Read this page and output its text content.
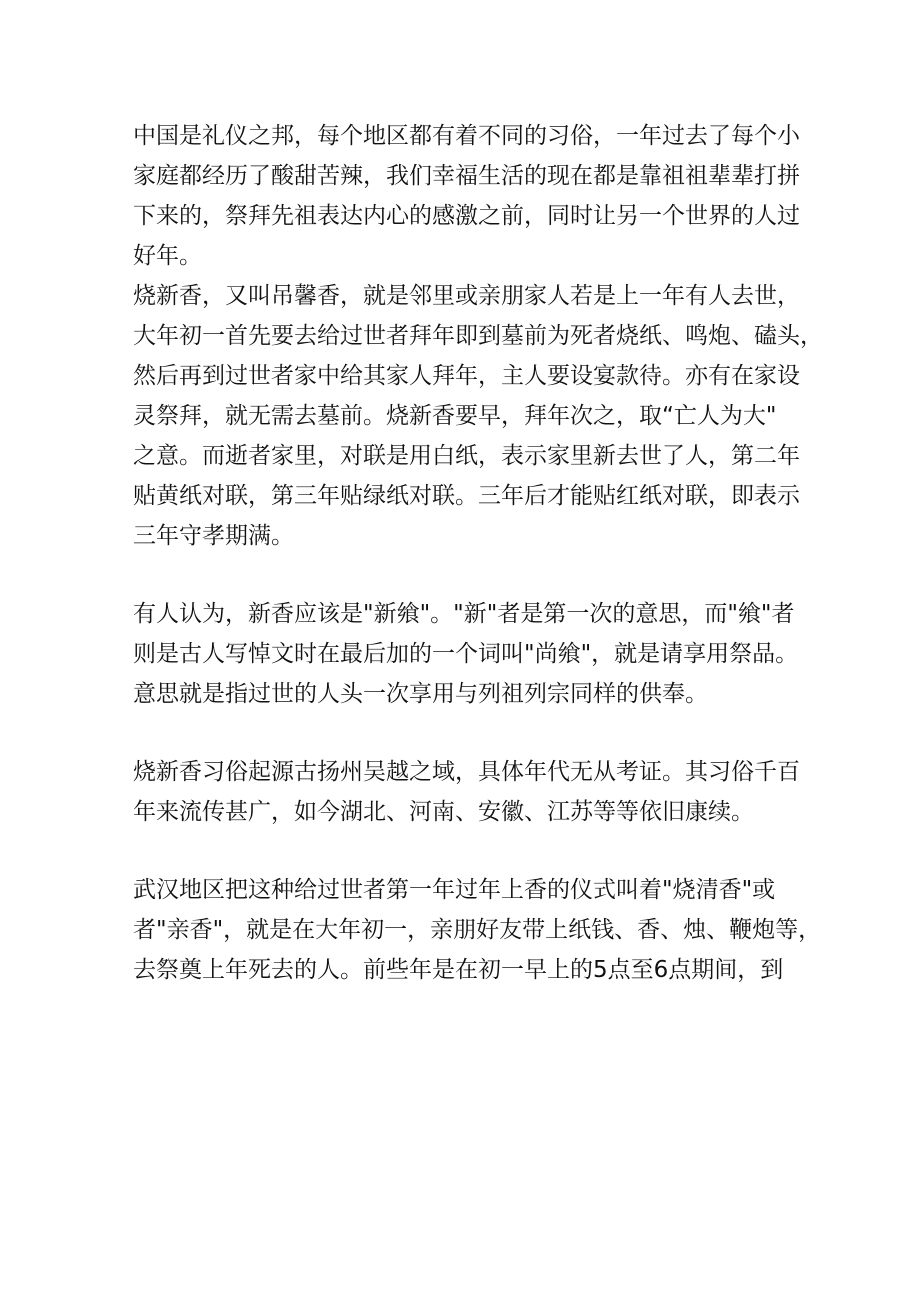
中国是礼仪之邦，每个地区都有着不同的习俗，一年过去了每个小
家庭都经历了酸甜苦辣，我们幸福生活的现在都是靠祖祖辈辈打拼
下来的，祭拜先祖表达内心的感激之前，同时让另一个世界的人过
好年。
烧新香，又叫吊馨香，就是邻里或亲朋家人若是上一年有人去世，
大年初一首先要去给过世者拜年即到墓前为死者烧纸、鸣炮、磕头，
然后再到过世者家中给其家人拜年，主人要设宴款待。亦有在家设
灵祭拜，就无需去墓前。烧新香要早，拜年次之，取“亡人为大"
之意。而逝者家里，对联是用白纸，表示家里新去世了人，第二年
贴黄纸对联，第三年贴绿纸对联。三年后才能贴红纸对联，即表示
三年守孝期满。
有人认为，新香应该是"新飨"。"新"者是第一次的意思，而"飨"者
则是古人写悼文时在最后加的一个词叫"尚飨"，就是请享用祭品。
意思就是指过世的人头一次享用与列祖列宗同样的供奉。
烧新香习俗起源古扬州吴越之域，具体年代无从考证。其习俗千百
年来流传甚广，如今湖北、河南、安徽、江苏等等依旧康续。
武汉地区把这种给过世者第一年过年上香的仪式叫着"烧清香"或
者"亲香"，就是在大年初一，亲朋好友带上纸钱、香、烛、鞭炮等，
去祭奠上年死去的人。前些年是在初一早上的5点至6点期间，到
